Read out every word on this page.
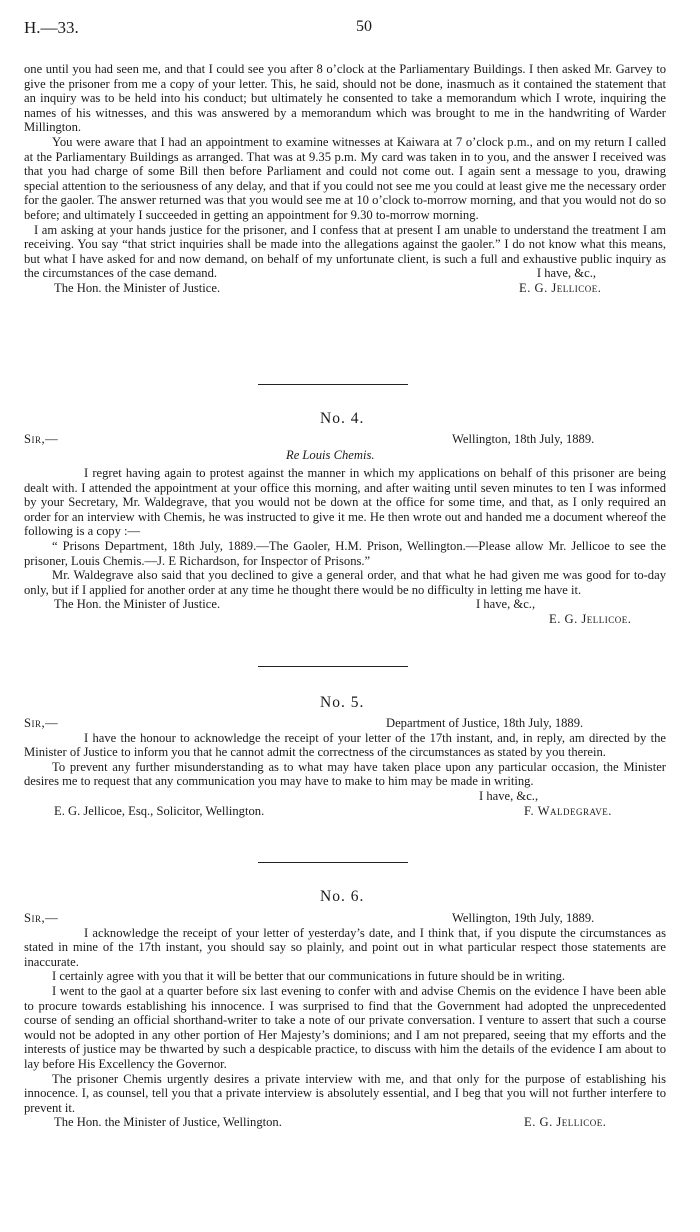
H.—33.	50

one until you had seen me, and that I could see you after 8 o’clock at the Parliamentary Buildings. I then asked Mr. Garvey to give the prisoner from me a copy of your letter. This, he said, should not be done, inasmuch as it contained the statement that an inquiry was to be held into his conduct; but ultimately he consented to take a memorandum which I wrote, inquiring the names of his witnesses, and this was answered by a memorandum which was brought to me in the handwriting of Warder Millington.

You were aware that I had an appointment to examine witnesses at Kaiwara at 7 o’clock p.m., and on my return I called at the Parliamentary Buildings as arranged. That was at 9.35 p.m. My card was taken in to you, and the answer I received was that you had charge of some Bill then before Parliament and could not come out. I again sent a message to you, drawing special attention to the seriousness of any delay, and that if you could not see me you could at least give me the necessary order for the gaoler. The answer returned was that you would see me at 10 o’clock to-morrow morning, and that you would not do so before; and ultimately I succeeded in getting an appointment for 9.30 to-morrow morning.

I am asking at your hands justice for the prisoner, and I confess that at present I am unable to understand the treatment I am receiving. You say “that strict inquiries shall be made into the allegations against the gaoler.” I do not know what this means, but what I have asked for and now demand, on behalf of my unfortunate client, is such a full and exhaustive public inquiry as the circumstances of the case demand.	I have, &c.,

The Hon. the Minister of Justice.	E. G. Jellicoe.
No. 4.
Sir,—	Wellington, 18th July, 1889.
Re Louis Chemis.

I regret having again to protest against the manner in which my applications on behalf of this prisoner are being dealt with. I attended the appointment at your office this morning, and after waiting until seven minutes to ten I was informed by your Secretary, Mr. Waldegrave, that you would not be down at the office for some time, and that, as I only required an order for an interview with Chemis, he was instructed to give it me. He then wrote out and handed me a document whereof the following is a copy :—

“ Prisons Department, 18th July, 1889.—The Gaoler, H.M. Prison, Wellington.—Please allow Mr. Jellicoe to see the prisoner, Louis Chemis.—J. E Richardson, for Inspector of Prisons.”

Mr. Waldegrave also said that you declined to give a general order, and that what he had given me was good for to-day only, but if I applied for another order at any time he thought there would be no difficulty in letting me have it.

The Hon. the Minister of Justice.	I have, &c.,
E. G. Jellicoe.
No. 5.
Sir,—	Department of Justice, 18th July, 1889.

I have the honour to acknowledge the receipt of your letter of the 17th instant, and, in reply, am directed by the Minister of Justice to inform you that he cannot admit the correctness of the circumstances as stated by you therein.

To prevent any further misunderstanding as to what may have taken place upon any particular occasion, the Minister desires me to request that any communication you may have to make to him may be made in writing.

I have, &c.,
E. G. Jellicoe, Esq., Solicitor, Wellington.	F. Waldegrave.
No. 6.
Sir,—	Wellington, 19th July, 1889.

I acknowledge the receipt of your letter of yesterday’s date, and I think that, if you dispute the circumstances as stated in mine of the 17th instant, you should say so plainly, and point out in what particular respect those statements are inaccurate.

I certainly agree with you that it will be better that our communications in future should be in writing.

I went to the gaol at a quarter before six last evening to confer with and advise Chemis on the evidence I have been able to procure towards establishing his innocence. I was surprised to find that the Government had adopted the unprecedented course of sending an official shorthand-writer to take a note of our private conversation. I venture to assert that such a course would not be adopted in any other portion of Her Majesty’s dominions; and I am not prepared, seeing that my efforts and the interests of justice may be thwarted by such a despicable practice, to discuss with him the details of the evidence I am about to lay before His Excellency the Governor.

The prisoner Chemis urgently desires a private interview with me, and that only for the purpose of establishing his innocence. I, as counsel, tell you that a private interview is absolutely essential, and I beg that you will not further interfere to prevent it.

The Hon. the Minister of Justice, Wellington.	E. G. Jellicoe.
